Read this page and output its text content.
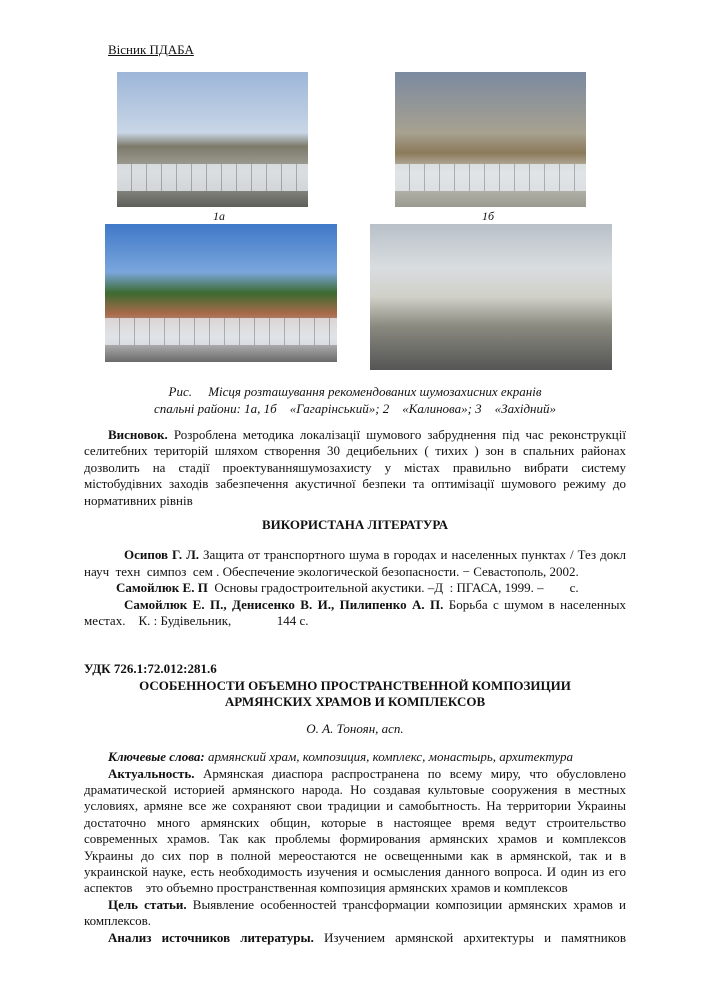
Вісник ПДАБА
1а	1б
Рис.     Місця розташування рекомендованих шумозахисних екранів
спальні райони: 1а, 1б    «Гагарінський»; 2    «Калинова»; 3    «Західний»
Висновок. Розроблена методика локалізації шумового забруднення під час реконструкції селитебних територій шляхом створення 30 децибельних ( тихих ) зон в спальних районах дозволить на стадії проектуванняшумозахисту у містах правильно вибрати систему містобудівних заходів забезпечення акустичної безпеки та оптимізації шумового режиму до нормативних рівнів
ВИКОРИСТАНА ЛІТЕРАТУРА
Осипов Г. Л. Защита от транспортного шума в городах и населенных пунктах / Тез докл  науч  техн  симпоз  сем . Обеспечение экологической безопасности. − Севастополь, 2002.
Самойлюк Е. П  Основы градостроительной акустики. –Д  : ПГАСА, 1999. –        с.
Самойлюк Е. П., Денисенко В. И., Пилипенко А. П. Борьба с шумом в населенных местах.    К. : Будівельник,              144 с.
УДК 726.1:72.012:281.6
ОСОБЕННОСТИ ОБЪЕМНО ПРОСТРАНСТВЕННОЙ КОМПОЗИЦИИ
АРМЯНСКИХ ХРАМОВ И КОМПЛЕКСОВ
О. А. Тоноян, асп.
Ключевые слова: армянский храм, композиция, комплекс, монастырь, архитектура
Актуальность. Армянская диаспора распространена по всему миру, что обусловлено драматической историей армянского народа. Но создавая культовые сооружения в местных условиях, армяне все же сохраняют свои традиции и самобытность. На территории Украины достаточно много армянских общин, которые в настоящее время ведут строительство современных храмов. Так как проблемы формирования армянских храмов и комплексов Украины до сих пор в полной мереостаются не освещенными как в армянской, так и в украинской науке, есть необходимость изучения и осмысления данного вопроса. И один из его аспектов    это объемно пространственная композиция армянских храмов и комплексов
Цель статьи. Выявление особенностей трансформации композиции армянских храмов и комплексов.
Анализ источников литературы. Изучением армянской архитектуры и памятников
